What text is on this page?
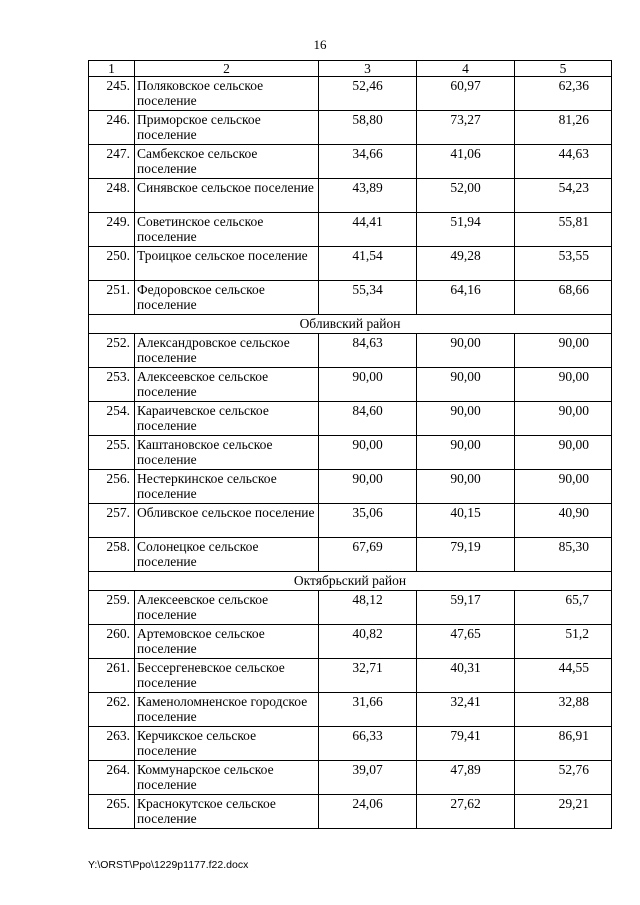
16
1	2	3	4	5
245.	Поляковское сельское поселение	52,46	60,97	62,36
246.	Приморское сельское поселение	58,80	73,27	81,26
247.	Самбекское сельское поселение	34,66	41,06	44,63
248.	Синявское сельское поселение	43,89	52,00	54,23
249.	Советинское сельское поселение	44,41	51,94	55,81
250.	Троицкое сельское поселение	41,54	49,28	53,55
251.	Федоровское сельское поселение	55,34	64,16	68,66
Обливский район				
252.	Александровское сельское поселение	84,63	90,00	90,00
253.	Алексеевское сельское поселение	90,00	90,00	90,00
254.	Караичевское сельское поселение	84,60	90,00	90,00
255.	Каштановское сельское поселение	90,00	90,00	90,00
256.	Нестеркинское сельское поселение	90,00	90,00	90,00
257.	Обливское сельское поселение	35,06	40,15	40,90
258.	Солонецкое сельское поселение	67,69	79,19	85,30
Октябрьский район				
259.	Алексеевское сельское поселение	48,12	59,17	65,7
260.	Артемовское сельское поселение	40,82	47,65	51,2
261.	Бессергеневское сельское поселение	32,71	40,31	44,55
262.	Каменоломненское городское поселение	31,66	32,41	32,88
263.	Керчикское сельское поселение	66,33	79,41	86,91
264.	Коммунарское сельское поселение	39,07	47,89	52,76
265.	Краснокутское сельское поселение	24,06	27,62	29,21
Y:\ORST\Ppo\1229p1177.f22.docx
